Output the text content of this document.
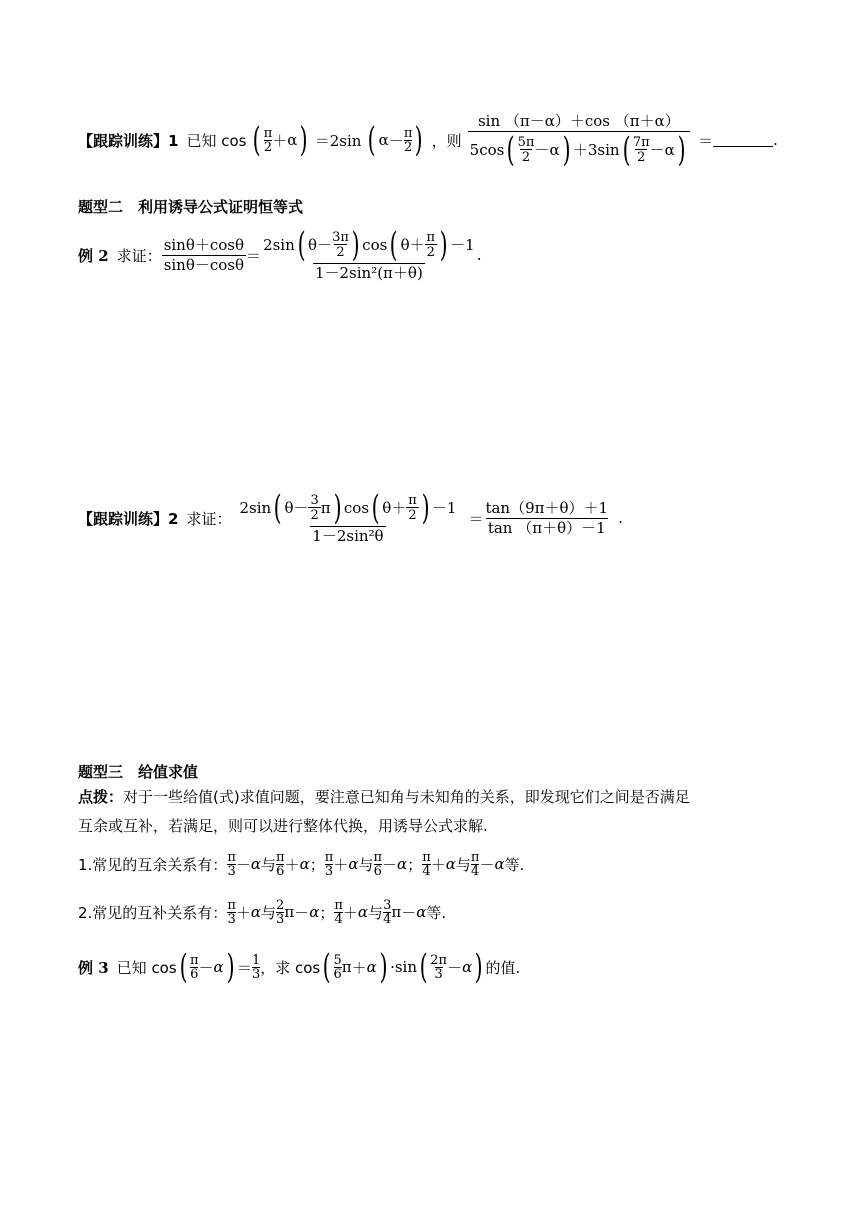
【跟踪训练】1 已知 cos ( π
2 ＋ α ) ＝2sin ( α － π
2 ) ，则
sin （π－α）＋cos （π＋α）
5cos ( 5π
2 － α ) ＋3sin ( 7π
2 － α ) ＝	.
题型二　利用诱导公式证明恒等式
例 2 求证： $\frac{\sin\theta+\cos\theta}{\sin\theta-\cos\theta}$ ＝
2sin ( θ － 3π
2 ) cos ( θ ＋ π
2 ) －1
1－2sin²(π＋θ)
.
【跟踪训练】2 求证：
2sin ( θ － 3
2 π ) cos ( θ ＋ π
2 ) －1
1－2sin²θ
＝ $\frac{\tan(9\pi+\theta)+1}{\tan (\pi+\theta)-1}$ .
题型三　给值求值
点拨：对于一些给值(式)求值问题，要注意已知角与未知角的关系，即发现它们之间是否满足
互余或互补，若满足，则可以进行整体代换，用诱导公式求解.
1.常见的互余关系有： π
3 － α 与 π
6 ＋ α ； π
3 ＋ α 与 π
6 － α ； π
4 ＋ α 与 π
4 － α 等.
2.常见的互补关系有： π
3 ＋ α 与 2
3 π － α ； π
4 ＋ α 与 3
4 π － α 等.
例 3 已知 cos ( π
6 － α ) ＝ 1
3 ，求 cos ( 5
6 π ＋ α ) ·sin ( 2π
3 － α ) 的值.
